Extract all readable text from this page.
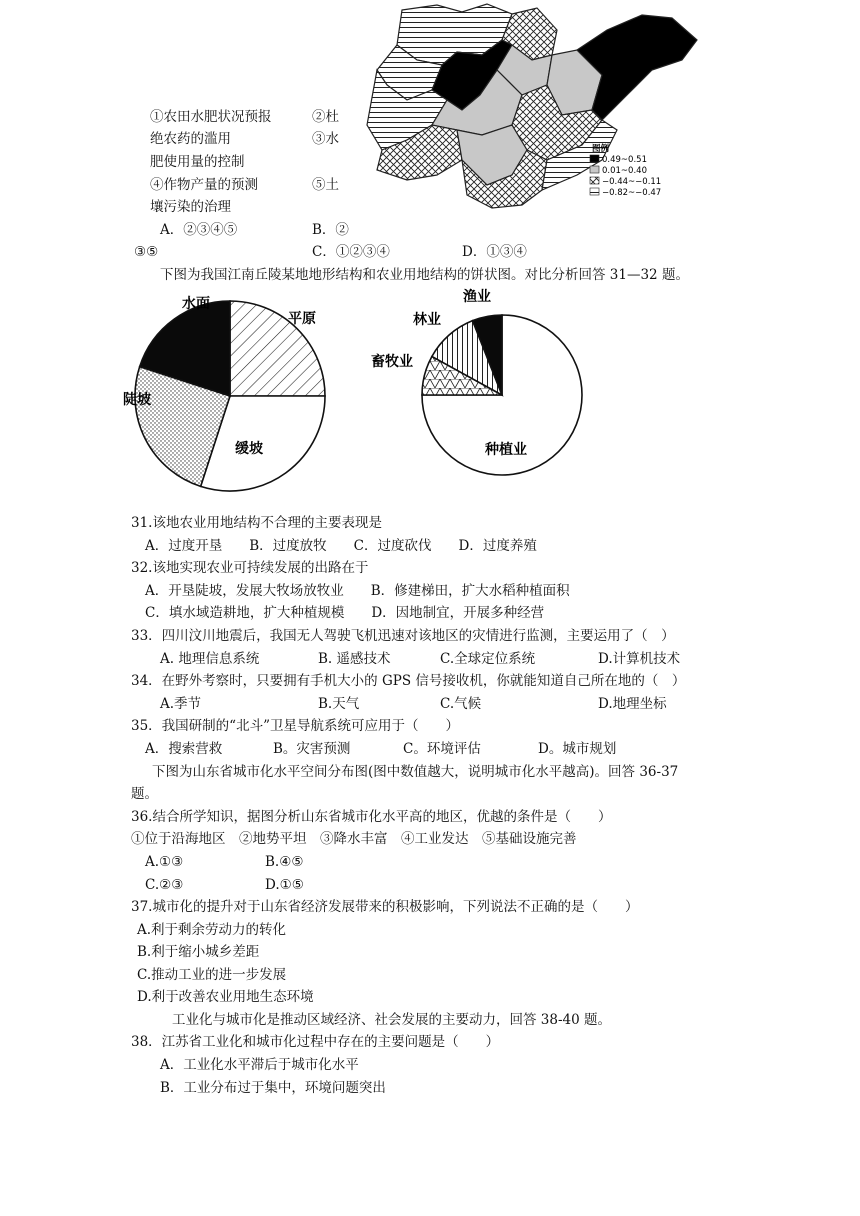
①农田水肥状况预报	②杜
绝农药的滥用	③水
肥使用量的控制
④作物产量的预测	⑤土
壤污染的治理
A．②③④⑤	B．②
③⑤	C．①②③④	D．①③④
图例
0.49~0.51
0.01~0.40
−0.44~−0.11
−0.82~−0.47
下图为我国江南丘陵某地地形结构和农业用地结构的饼状图。对比分析回答 31—32 题。
平原
缓坡
陡坡
水面
种植业
畜牧业
林业
渔业
31.该地农业用地结构不合理的主要表现是
A．过度开垦　　B．过度放牧　　C．过度砍伐　　D．过度养殖
32.该地实现农业可持续发展的出路在于
A．开垦陡坡，发展大牧场放牧业　　B．修建梯田，扩大水稻种植面积
C．填水域造耕地，扩大种植规模　　D．因地制宜，开展多种经营
33．四川汶川地震后，我国无人驾驶飞机迅速对该地区的灾情进行监测，主要运用了（　）
A. 地理信息系统	B. 遥感技术	C.全球定位系统	D.计算机技术
34．在野外考察时，只要拥有手机大小的 GPS 信号接收机，你就能知道自己所在地的（　）
A.季节	B.天气	C.气候	D.地理坐标
35．我国研制的“北斗”卫星导航系统可应用于（　　）
A．搜索营救	B。灾害预测	C。环境评估	D。城市规划
下图为山东省城市化水平空间分布图(图中数值越大，说明城市化水平越高)。回答 36-37
题。
36.结合所学知识，据图分析山东省城市化水平高的地区，优越的条件是（　　）
①位于沿海地区　②地势平坦　③降水丰富　④工业发达　⑤基础设施完善
A.①③	B.④⑤
C.②③	D.①⑤
37.城市化的提升对于山东省经济发展带来的积极影响，下列说法不正确的是（　　）
A.利于剩余劳动力的转化
B.利于缩小城乡差距
C.推动工业的进一步发展
D.利于改善农业用地生态环境
工业化与城市化是推动区域经济、社会发展的主要动力，回答 38-40 题。
38．江苏省工业化和城市化过程中存在的主要问题是（　　）
A．工业化水平滞后于城市化水平
B．工业分布过于集中，环境问题突出
